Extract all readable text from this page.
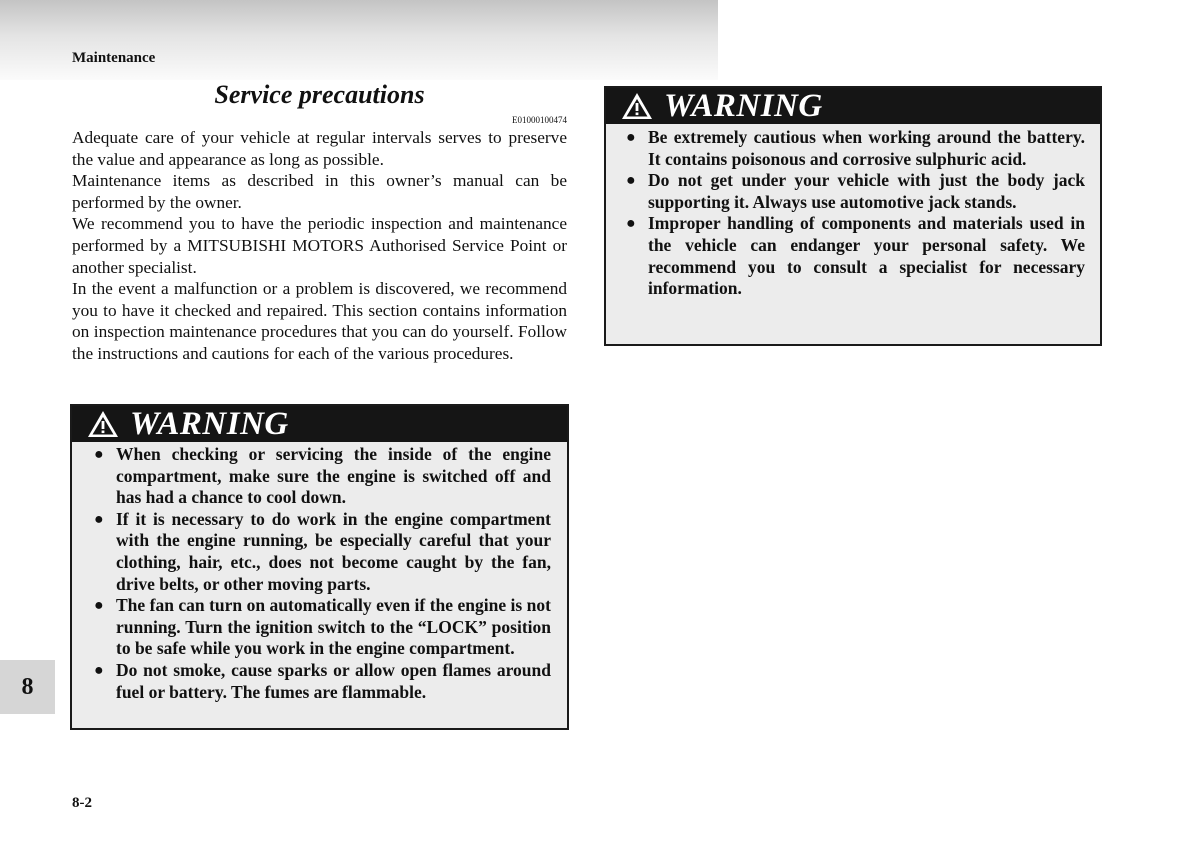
Maintenance
Service precautions
E01000100474

Adequate care of your vehicle at regular intervals serves to preserve the value and appearance as long as possible.

Maintenance items as described in this owner’s manual can be performed by the owner.

We recommend you to have the periodic inspection and maintenance performed by a MITSUBISHI MOTORS Authorised Service Point or another specialist.

In the event a malfunction or a problem is discovered, we recommend you to have it checked and repaired. This section contains information on inspection maintenance procedures that you can do yourself. Follow the instructions and cautions for each of the various procedures.

WARNING
● When checking or servicing the inside of the engine compartment, make sure the engine is switched off and has had a chance to cool down.
● If it is necessary to do work in the engine compartment with the engine running, be especially careful that your clothing, hair, etc., does not become caught by the fan, drive belts, or other moving parts.
● The fan can turn on automatically even if the engine is not running. Turn the ignition switch to the “LOCK” position to be safe while you work in the engine compartment.
● Do not smoke, cause sparks or allow open flames around fuel or battery. The fumes are flammable.
WARNING
● Be extremely cautious when working around the battery. It contains poisonous and corrosive sulphuric acid.
● Do not get under your vehicle with just the body jack supporting it. Always use automotive jack stands.
● Improper handling of components and materials used in the vehicle can endanger your personal safety. We recommend you to consult a specialist for necessary information.
8
8-2
